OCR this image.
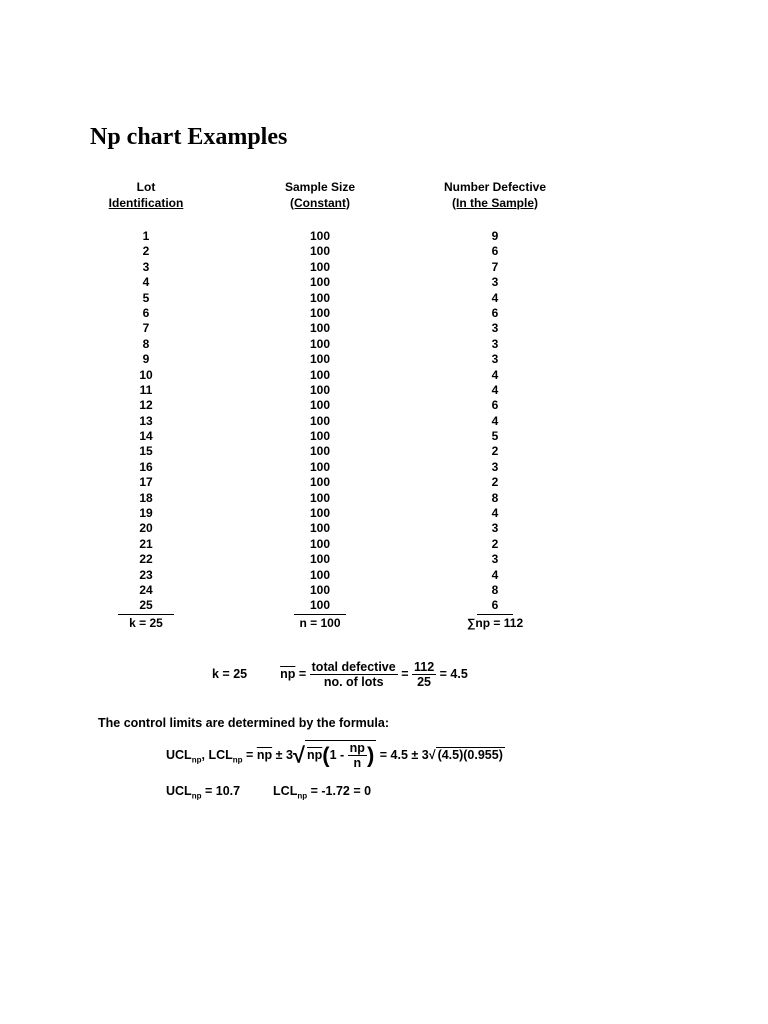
Np chart Examples
Lot
Identification
1
2
3
4
5
6
7
8
9
10
11
12
13
14
15
16
17
18
19
20
21
22
23
24
25
k = 25
Sample Size
(Constant)
100
100
100
100
100
100
100
100
100
100
100
100
100
100
100
100
100
100
100
100
100
100
100
100
100
n = 100
Number Defective
(In the Sample)
9
6
7
3
4
6
3
3
3
4
4
6
4
5
2
3
2
8
4
3
2
3
4
8
6
∑np = 112
k = 25	$\overline{np} = \frac{\text{total defective}}{\text{no. of lots}} = \frac{112}{25} = 4.5$
The control limits are determined by the formula:
$UCL_{np}$, $LCL_{np} = \overline{np} \pm 3√$ $np(1 - \frac{\overline{np}}{n}$ ) = 4.5 ± 3√ (4.5)(0.955)
$UCL_{np} = 10.7$	$LCL_{np} = -1.72 = 0$
